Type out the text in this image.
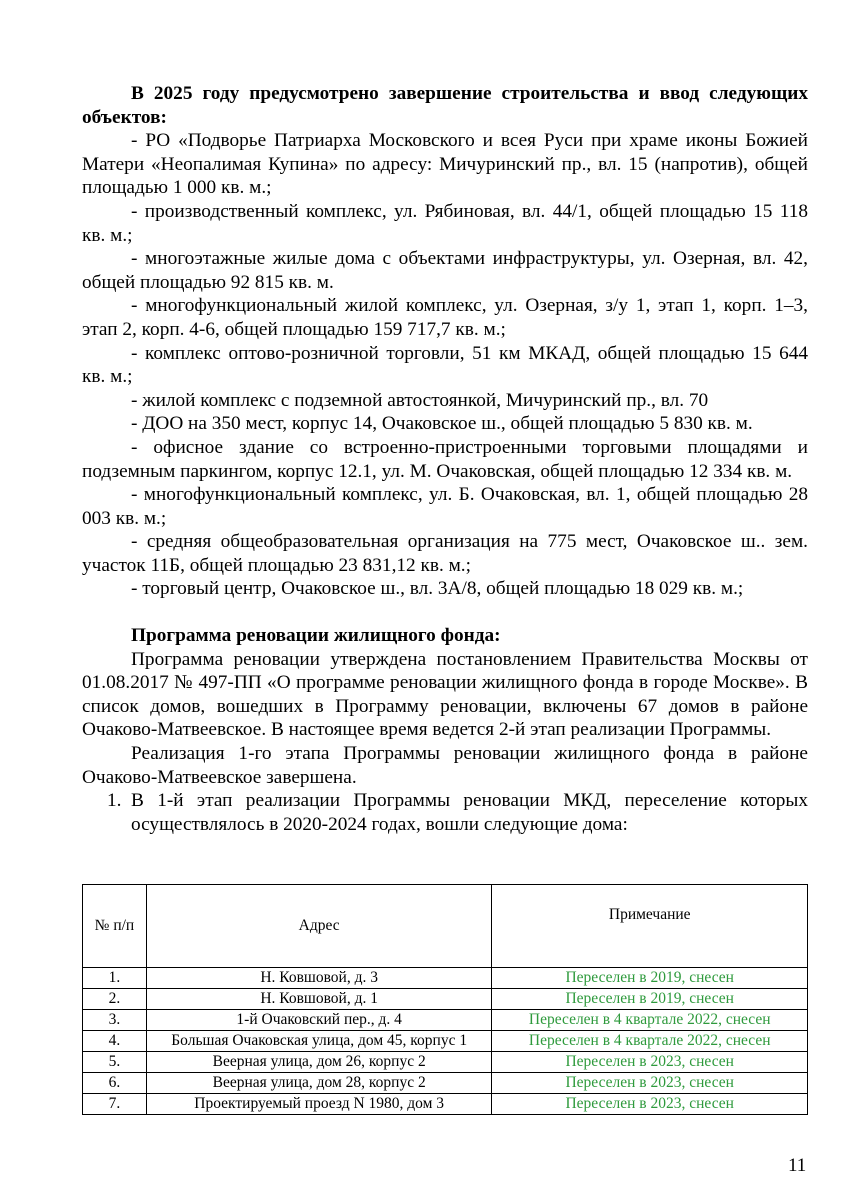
В 2025 году предусмотрено завершение строительства и ввод следующих объектов:

- РО «Подворье Патриарха Московского и всея Руси при храме иконы Божией Матери «Неопалимая Купина» по адресу: Мичуринский пр., вл. 15 (напротив), общей площадью 1 000 кв. м.;

- производственный комплекс, ул. Рябиновая, вл. 44/1, общей площадью 15 118 кв. м.;

- многоэтажные жилые дома с объектами инфраструктуры, ул. Озерная, вл. 42, общей площадью 92 815 кв. м.

- многофункциональный жилой комплекс, ул. Озерная, з/у 1, этап 1, корп. 1–3, этап 2, корп. 4-6, общей площадью 159 717,7 кв. м.;

- комплекс оптово-розничной торговли, 51 км МКАД, общей площадью 15 644 кв. м.;

- жилой комплекс с подземной автостоянкой, Мичуринский пр., вл. 70

- ДОО на 350 мест, корпус 14, Очаковское ш., общей площадью 5 830 кв. м.

- офисное здание со встроенно-пристроенными торговыми площадями и подземным паркингом, корпус 12.1, ул. М. Очаковская, общей площадью 12 334 кв. м.

- многофункциональный комплекс, ул. Б. Очаковская, вл. 1, общей площадью 28 003 кв. м.;

- средняя общеобразовательная организация на 775 мест, Очаковское ш.. зем. участок 11Б, общей площадью 23 831,12 кв. м.;

- торговый центр, Очаковское ш., вл. 3А/8, общей площадью 18 029 кв. м.;

Программа реновации жилищного фонда:

Программа реновации утверждена постановлением Правительства Москвы от 01.08.2017 № 497-ПП «О программе реновации жилищного фонда в городе Москве». В список домов, вошедших в Программу реновации, включены 67 домов в районе Очаково-Матвеевское. В настоящее время ведется 2-й этап реализации Программы.

Реализация 1-го этапа Программы реновации жилищного фонда в районе Очаково-Матвеевское завершена.

1. В 1-й этап реализации Программы реновации МКД, переселение которых осуществлялось в 2020-2024 годах, вошли следующие дома:

№ п/п	Адрес	Примечание
1.	Н. Ковшовой, д. 3	Переселен в 2019, снесен
2.	Н. Ковшовой, д. 1	Переселен в 2019, снесен
3.	1-й Очаковский пер., д. 4	Переселен в 4 квартале 2022, снесен
4.	Большая Очаковская улица, дом 45, корпус 1	Переселен в 4 квартале 2022, снесен
5.	Веерная улица, дом 26, корпус 2	Переселен в 2023, снесен
6.	Веерная улица, дом 28, корпус 2	Переселен в 2023, снесен
7.	Проектируемый проезд N 1980, дом 3	Переселен в 2023, снесен
11
